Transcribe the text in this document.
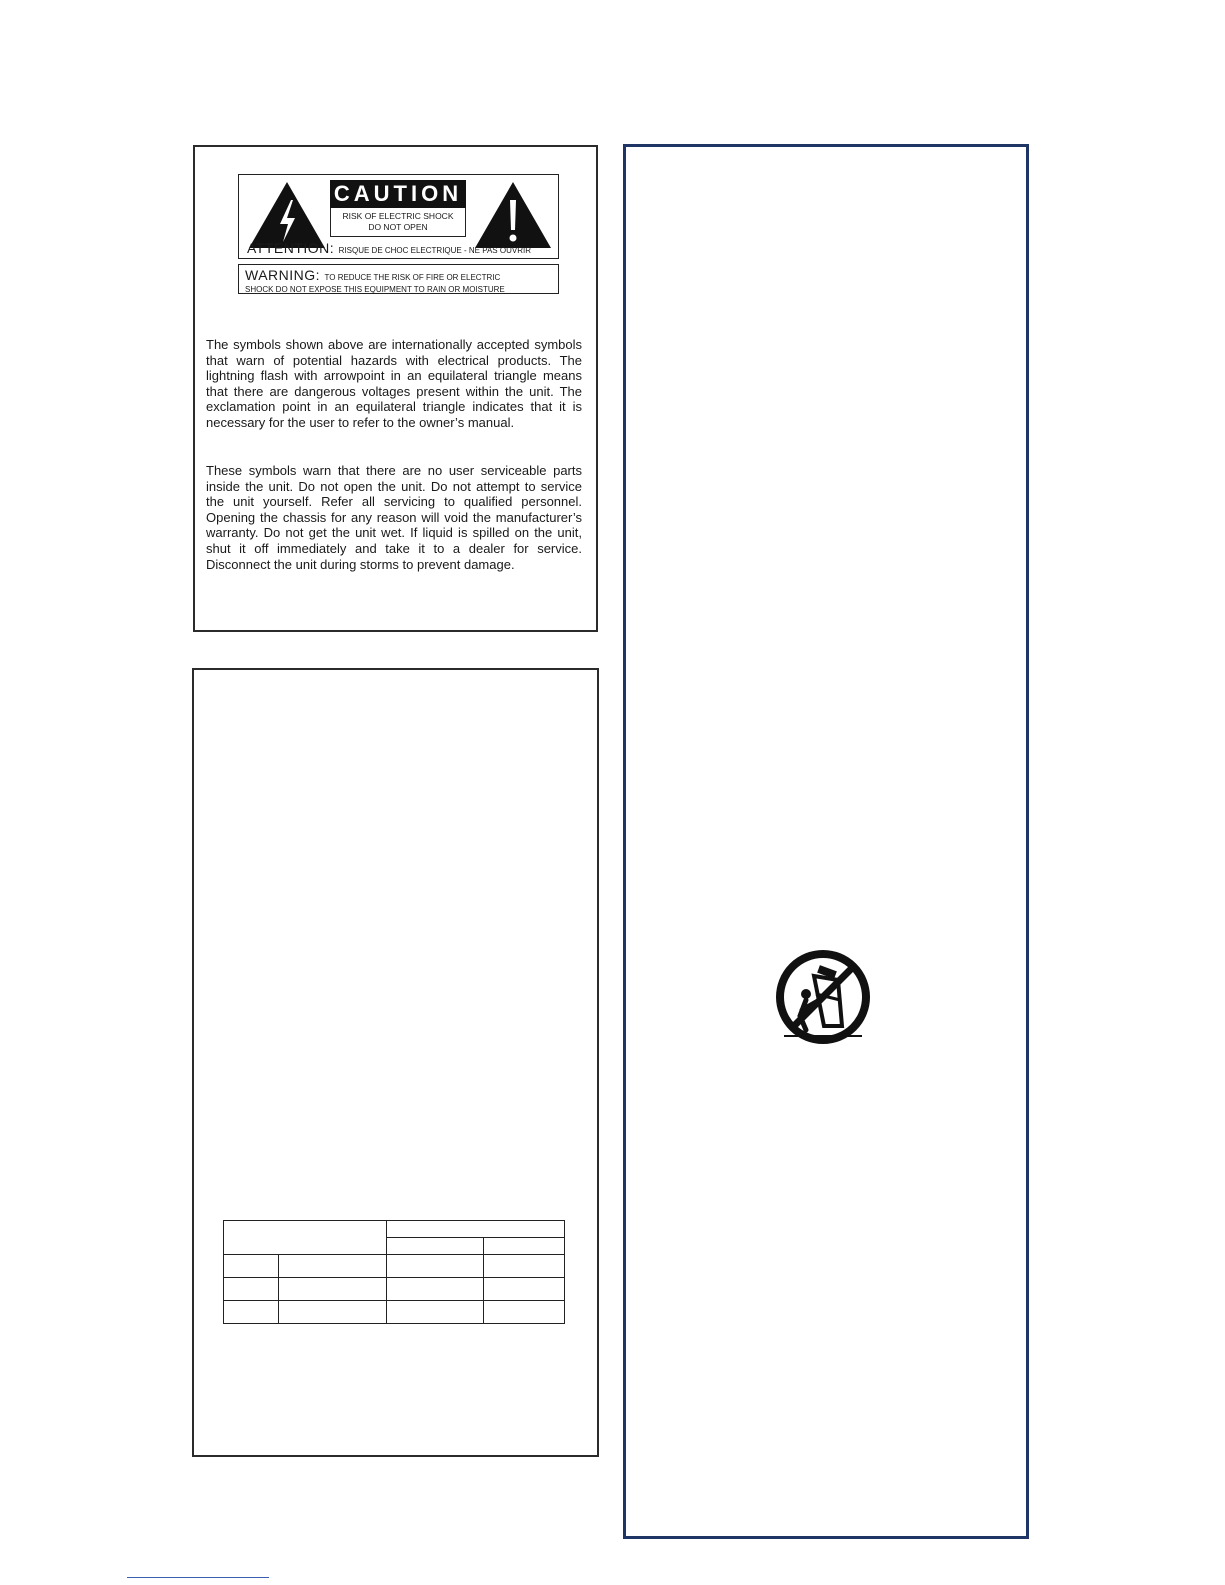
CAUTION
RISK OF ELECTRIC SHOCK
DO NOT OPEN
ATTENTION: RISQUE DE CHOC ELECTRIQUE - NE PAS OUVRIR
WARNING: TO REDUCE THE RISK OF FIRE OR ELECTRIC
SHOCK DO NOT EXPOSE THIS EQUIPMENT TO RAIN OR MOISTURE
The symbols shown above are internationally accepted symbols that warn of potential hazards with electrical products. The lightning flash with arrowpoint in an equilateral triangle means that there are dangerous voltages present within the unit. The exclamation point in an equilateral triangle indicates that it is necessary for the user to refer to the owner’s manual.
These symbols warn that there are no user serviceable parts inside the unit. Do not open the unit. Do not attempt to service the unit yourself. Refer all servicing to qualified personnel. Opening the chassis for any reason will void the manufacturer’s warranty. Do not get the unit wet. If liquid is spilled on the unit, shut it off immediately and take it to a dealer for service. Disconnect the unit during storms to prevent damage.
